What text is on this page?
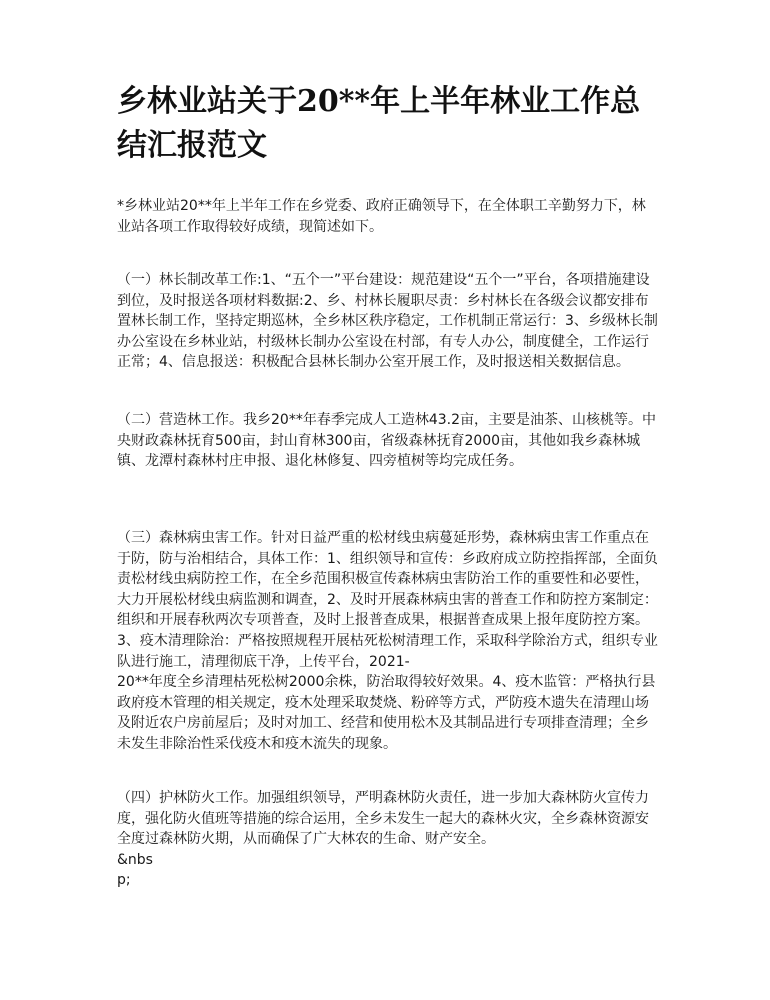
乡林业站关于20**年上半年林业工作总结汇报范文

*乡林业站20**年上半年工作在乡党委、政府正确领导下，在全体职工辛勤努力下，林业站各项工作取得较好成绩，现简述如下。

（一）林长制改革工作:1、“五个一”平台建设：规范建设“五个一”平台，各项措施建设到位，及时报送各项材料数据:2、乡、村林长履职尽责：乡村林长在各级会议都安排布置林长制工作，坚持定期巡林，全乡林区秩序稳定，工作机制正常运行：3、乡级林长制办公室设在乡林业站，村级林长制办公室设在村部，有专人办公，制度健全，工作运行正常；4、信息报送：积极配合县林长制办公室开展工作，及时报送相关数据信息。

（二）营造林工作。我乡20**年春季完成人工造林43.2亩，主要是油茶、山核桃等。中央财政森林抚育500亩，封山育林300亩，省级森林抚育2000亩，其他如我乡森林城镇、龙潭村森林村庄申报、退化林修复、四旁植树等均完成任务。

（三）森林病虫害工作。针对日益严重的松材线虫病蔓延形势，森林病虫害工作重点在于防，防与治相结合，具体工作：1、组织领导和宣传：乡政府成立防控指挥部，全面负责松材线虫病防控工作，在全乡范围积极宣传森林病虫害防治工作的重要性和必要性，大力开展松材线虫病监测和调查，2、及时开展森林病虫害的普查工作和防控方案制定：组织和开展春秋两次专项普查，及时上报普查成果，根据普查成果上报年度防控方案。3、疫木清理除治：严格按照规程开展枯死松树清理工作，采取科学除治方式，组织专业队进行施工，清理彻底干净，上传平台，2021-
20**年度全乡清理枯死松树2000余株，防治取得较好效果。4、疫木监管：严格执行县政府疫木管理的相关规定，疫木处理采取焚烧、粉碎等方式，严防疫木遗失在清理山场及附近农户房前屋后；及时对加工、经营和使用松木及其制品进行专项排查清理；全乡未发生非除治性采伐疫木和疫木流失的现象。

（四）护林防火工作。加强组织领导，严明森林防火责任，进一步加大森林防火宣传力度，强化防火值班等措施的综合运用，全乡未发生一起大的森林火灾，全乡森林资源安全度过森林防火期，从而确保了广大林农的生命、财产安全。
&nbs
p;
